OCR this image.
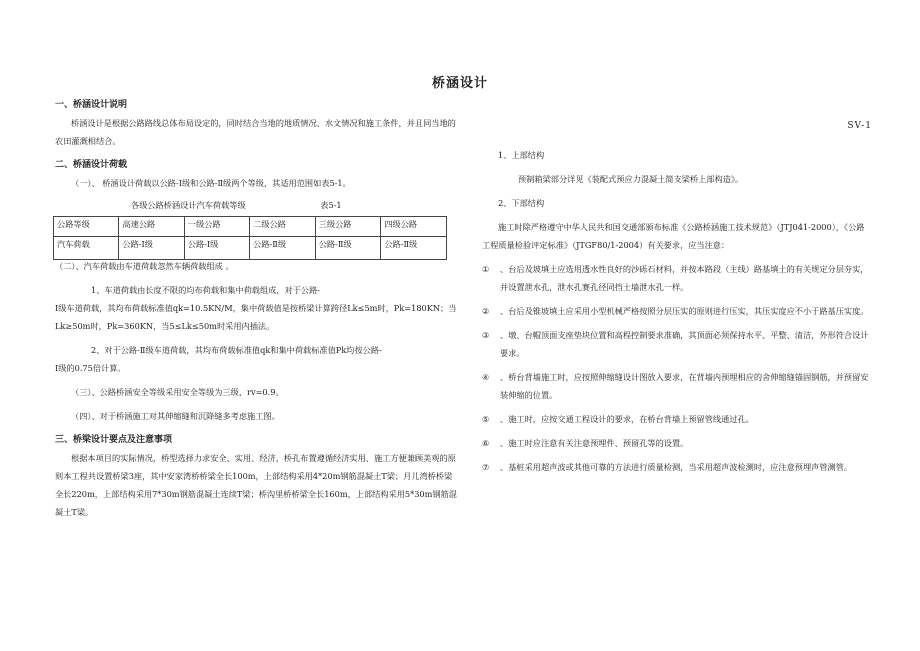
桥涵设计
SV-1

一、桥涵设计说明

桥涵设计是根据公路路线总体布局设定的，同时结合当地的地质情况、水文情况和施工条件，并且同当地的农田灌溉相结合。

二、桥涵设计荷载

（一）、 桥涵设计荷载以公路-Ⅰ级和公路-Ⅱ级两个等级，其适用范围如表5-1。

各级公路桥涵设计汽车荷载等级	表5-1

公路等级	高速公路	一级公路	二级公路	三级公路	四级公路
汽车荷载	公路-Ⅰ级	公路-Ⅰ级	公路-Ⅱ级	公路-Ⅱ级	公路-Ⅱ级

（二）、汽车荷载由车道荷载忽然车辆荷载组成 。

1、车道荷载由长度不限的均布荷载和集中荷载组成，对于公路-

Ⅰ级车道荷载，其均布荷载标准值qk=10.5KN/M，集中荷载值是按桥梁计算跨径Lk≤5m时，Pk=180KN；当Lk≥50m时，Pk=360KN，当5≤Lk≤50m时采用内插法。

2、对于公路-Ⅱ级车道荷载，其均布荷载标准值qk和集中荷载标准值Pk均按公路-

Ⅰ级的0.75倍计算。

（三）、公路桥涵安全等级采用安全等级为三级，rv=0.9。

（四）、对于桥涵施工对其伸缩缝和沉降缝多考虑施工图。

三、桥梁设计要点及注意事项

根据本项目的实际情况，桥型选择力求安全、实用、经济，桥孔布置遵循经济实用、施工方便兼顾美观的原则本工程共设置桥梁3座，其中安家湾桥桥梁全长100m，上部结构采用4*20m钢筋混凝土T梁；月儿湾桥桥梁全长220m，上部结构采用7*30m钢筋混凝土连续T梁；桥沟里桥桥梁全长160m，上部结构采用5*30m钢筋混凝土T梁。

1、上部结构

预制箱梁部分详见《装配式预应力混凝土简支梁桥上部构造》。

2、下部结构

施工时除严格遵守中华人民共和国交通部颁布标准《公路桥涵施工技术规范》（JTJ041-2000），《公路工程质量检验评定标准》（JTGF80/1-2004）有关要求，应当注意：

①	、台后及坡填土应选用透水性良好的沙砾石材料，并按本路段（主线）路基填土的有关规定分层夯实，并设置泄水孔，泄水孔赛孔径同挡土墙泄水孔一样。
②	、台后及锥坡填土应采用小型机械严格按照分层压实的原则进行压实，其压实度应不小于路基压实度。
③	、墩、台帽顶面支座垫块位置和高程控制要求准确，其顶面必须保持水平、平整、清洁，外形符合设计要求。
④	、桥台背墙施工时，应按照伸缩缝设计图放入要求，在背墙内预埋相应的舍伸缩缝锚固钢筋，并预留安装伸缩的位置。
⑤	、施工时，应按交通工程设计的要求，在桥台背墙上预留管线通过孔。
⑥	、施工时应注意有关注意预埋件、预留孔等的设置。
⑦	、基桩采用超声波或其他可靠的方法进行质量检测，当采用超声波检测时，应注意预埋声管测管。
